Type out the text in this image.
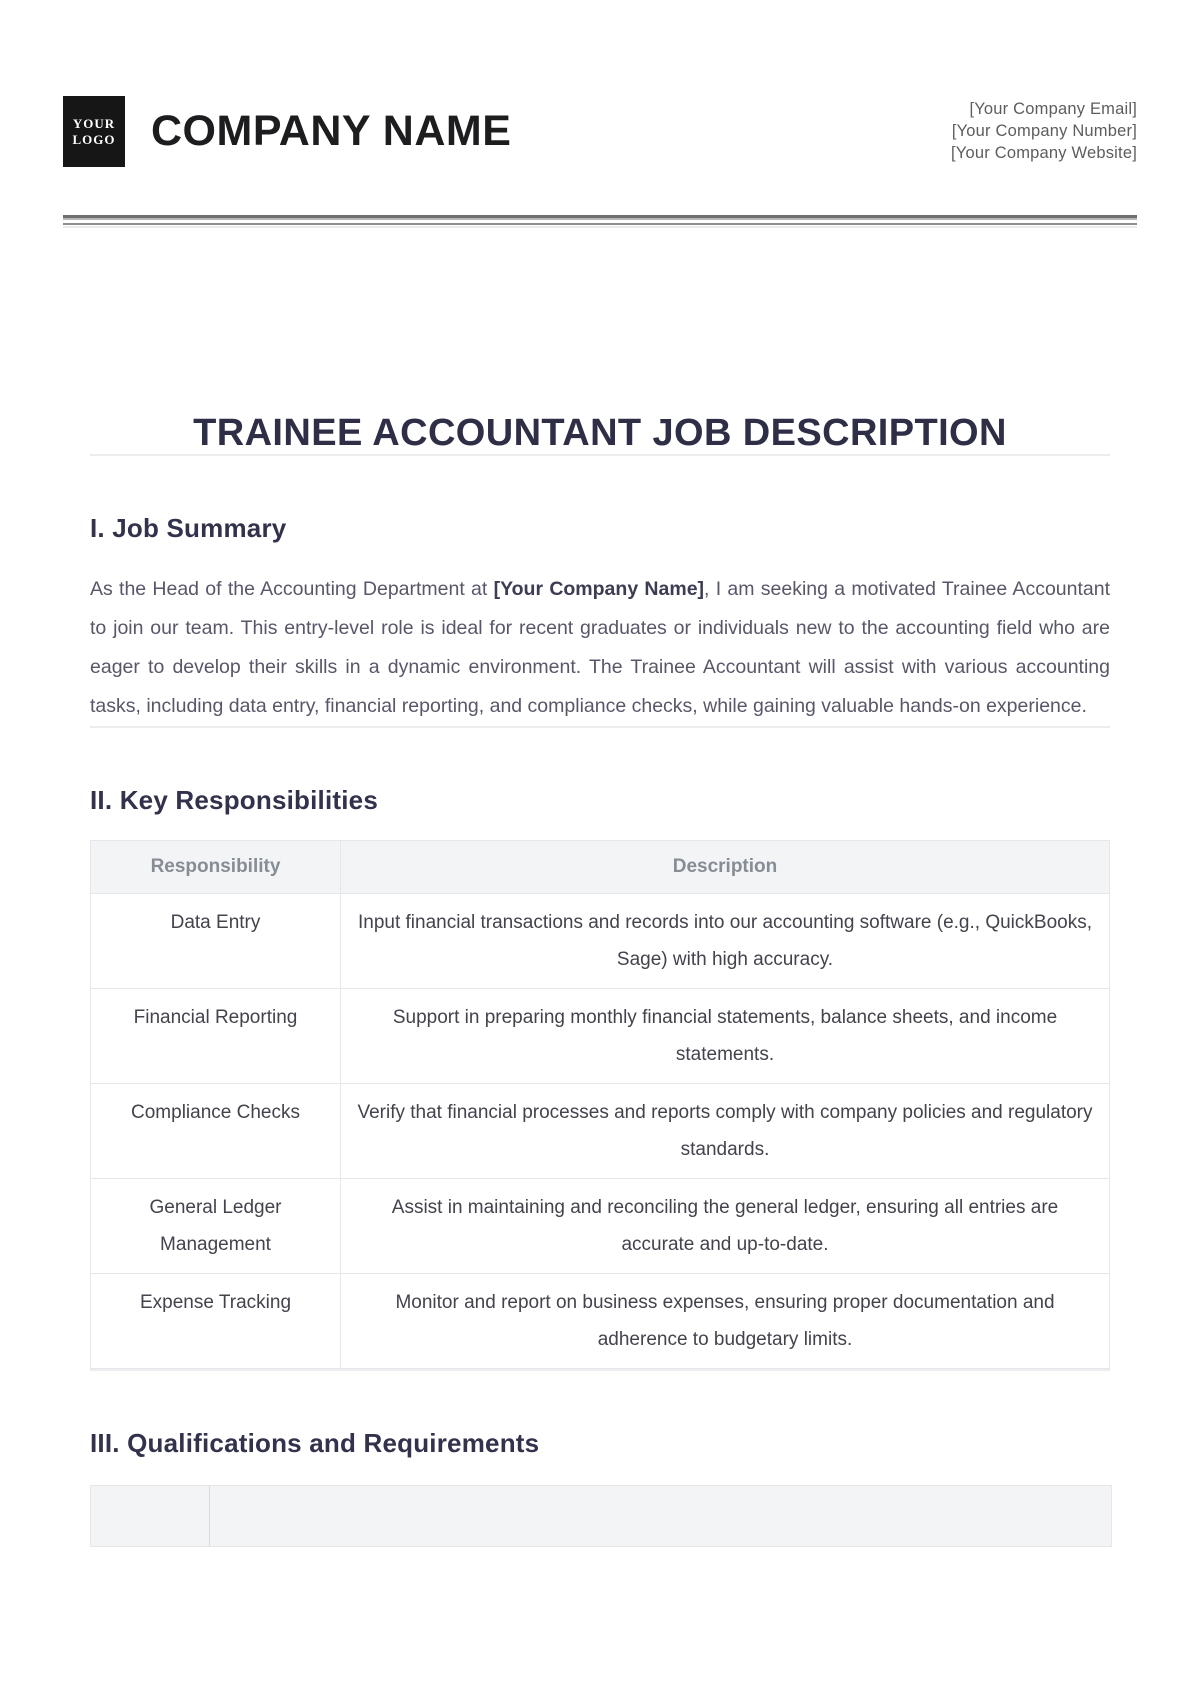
YOUR
LOGO COMPANY NAME	[Your Company Email]
[Your Company Number]
[Your Company Website]
TRAINEE ACCOUNTANT JOB DESCRIPTION
I. Job Summary

As the Head of the Accounting Department at [Your Company Name], I am seeking a motivated Trainee Accountant to join our team. This entry-level role is ideal for recent graduates or individuals new to the accounting field who are eager to develop their skills in a dynamic environment. The Trainee Accountant will assist with various accounting tasks, including data entry, financial reporting, and compliance checks, while gaining valuable hands-on experience.

II. Key Responsibilities
Responsibility	Description
Data Entry	Input financial transactions and records into our accounting software (e.g., QuickBooks, Sage) with high accuracy.
Financial Reporting	Support in preparing monthly financial statements, balance sheets, and income statements.
Compliance Checks	Verify that financial processes and reports comply with company policies and regulatory standards.
General Ledger Management	Assist in maintaining and reconciling the general ledger, ensuring all entries are accurate and up-to-date.
Expense Tracking	Monitor and report on business expenses, ensuring proper documentation and adherence to budgetary limits.
III. Qualifications and Requirements
